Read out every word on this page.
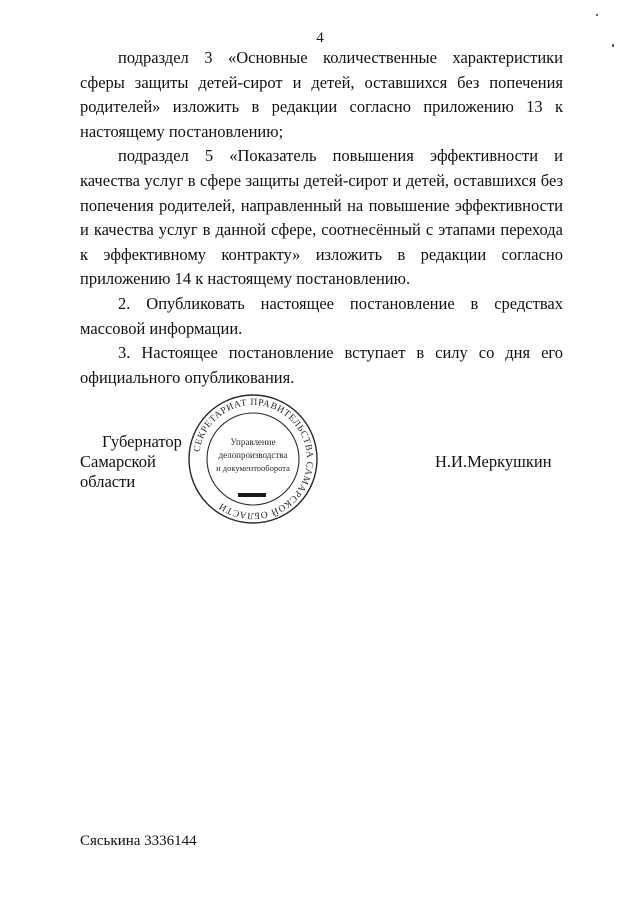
4

подраздел 3 «Основные количественные характеристики сферы защиты детей-сирот и детей, оставшихся без попечения родителей» изложить в редакции согласно приложению 13 к настоящему постановлению;

подраздел 5 «Показатель повышения эффективности и качества услуг в сфере защиты детей-сирот и детей, оставшихся без попечения родителей, направленный на повышение эффективности и качества услуг в данной сфере, соотнесённый с этапами перехода к эффективному контракту» изложить в редакции согласно приложению 14 к настоящему постановлению.

2. Опубликовать настоящее постановление в средствах массовой информации.

3. Настоящее постановление вступает в силу со дня его официального опубликования.

Губернатор
Самарской области
Н.И.Меркушкин
СЕКРЕТАРИАТ ПРАВИТЕЛЬСТВА САМАРСКОЙ ОБЛАСТИ
Управление
делопроизводства
и документооборота
Сяськина 3336144
